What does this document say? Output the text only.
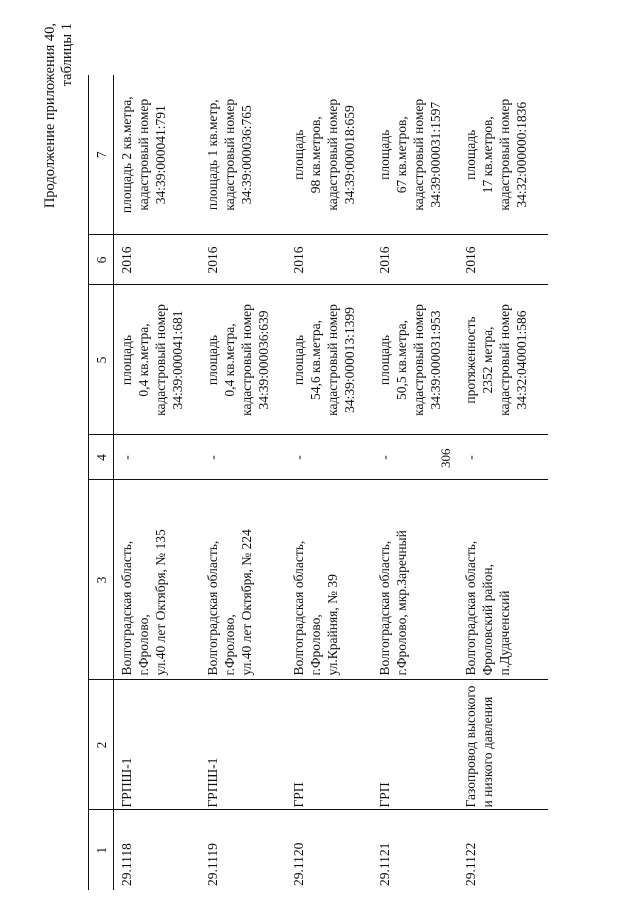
306
Продолжение приложения 40, таблицы 1
1	2	3	4	5	6	7
29.1118	ГРПШ-1	Волгоградская область, г.Фролово, ул.40 лет Октября, № 135	-	площадь 0,4 кв.метра, кадастровый номер 34:39:000041:681	2016	площадь 2 кв.метра, кадастровый номер 34:39:000041:791

29.1119	ГРПШ-1	Волгоградская область, г.Фролово, ул.40 лет Октября, № 224	-	площадь 0,4 кв.метра, кадастровый номер 34:39:000036:639	2016	площадь 1 кв.метр, кадастровый номер 34:39:000036:765

29.1120	ГРП	Волгоградская область, г.Фролово, ул.Крайняя, № 39	-	площадь 54,6 кв.метра, кадастровый номер 34:39:000013:1399	2016	площадь 98 кв.метров, кадастровый номер 34:39:000018:659

29.1121	ГРП	Волгоградская область, г.Фролово, мкр.Заречный	-	площадь 50,5 кв.метра, кадастровый номер 34:39:000031:953	2016	площадь 67 кв.метров, кадастровый номер 34:39:000031:1597

29.1122	Газопровод высокого и низкого давления	Волгоградская область, Фроловский район, п.Дудаченский	-	протяженность 2352 метра, кадастровый номер 34:32:040001:586	2016	площадь 17 кв.метров, кадастровый номер 34:32:000000:1836
